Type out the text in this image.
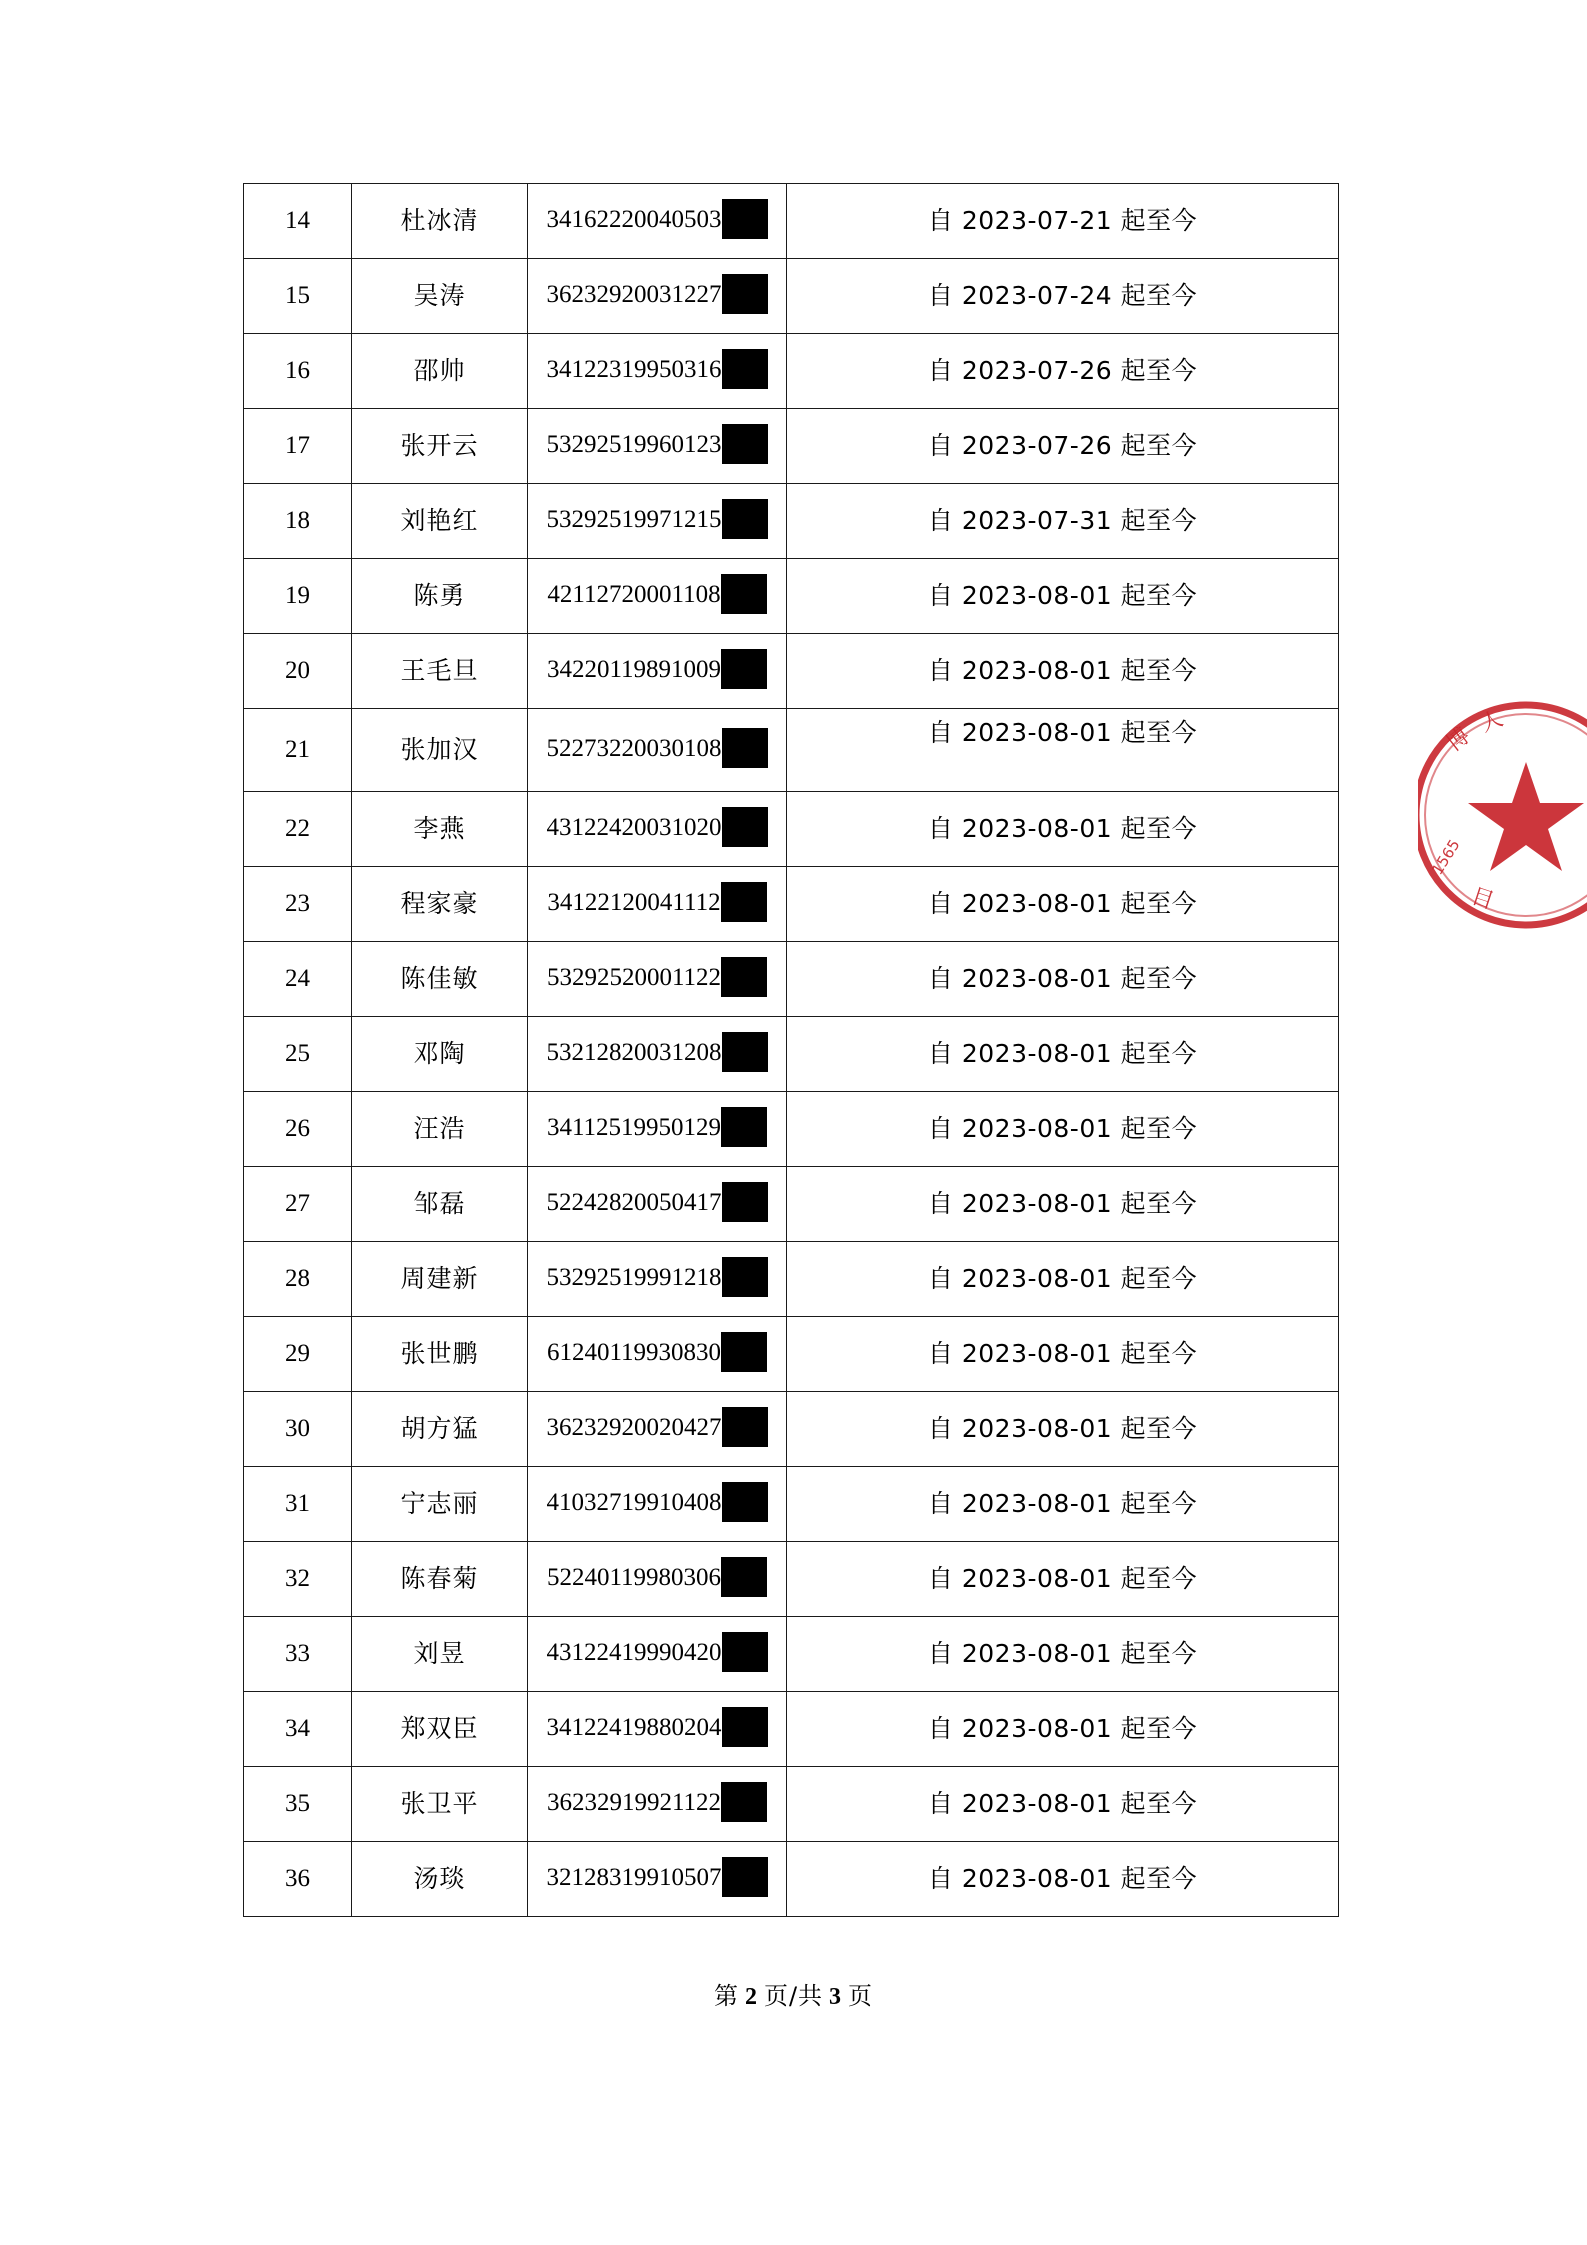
14	杜冰清	34162220040503	自 2023-07-21 起至今
15	吴涛	36232920031227	自 2023-07-24 起至今
16	邵帅	34122319950316	自 2023-07-26 起至今
17	张开云	53292519960123	自 2023-07-26 起至今
18	刘艳红	53292519971215	自 2023-07-31 起至今
19	陈勇	42112720001108	自 2023-08-01 起至今
20	王毛旦	34220119891009	自 2023-08-01 起至今
21	张加汉	52273220030108	自 2023-08-01 起至今
22	李燕	43122420031020	自 2023-08-01 起至今
23	程家豪	34122120041112	自 2023-08-01 起至今
24	陈佳敏	53292520001122	自 2023-08-01 起至今
25	邓陶	53212820031208	自 2023-08-01 起至今
26	汪浩	34112519950129	自 2023-08-01 起至今
27	邹磊	52242820050417	自 2023-08-01 起至今
28	周建新	53292519991218	自 2023-08-01 起至今
29	张世鹏	61240119930830	自 2023-08-01 起至今
30	胡方猛	36232920020427	自 2023-08-01 起至今
31	宁志丽	41032719910408	自 2023-08-01 起至今
32	陈春菊	52240119980306	自 2023-08-01 起至今
33	刘昱	43122419990420	自 2023-08-01 起至今
34	郑双臣	34122419880204	自 2023-08-01 起至今
35	张卫平	36232919921122	自 2023-08-01 起至今
36	汤琰	32128319910507	自 2023-08-01 起至今
博
人
目
1565
第 2 页/共 3 页
